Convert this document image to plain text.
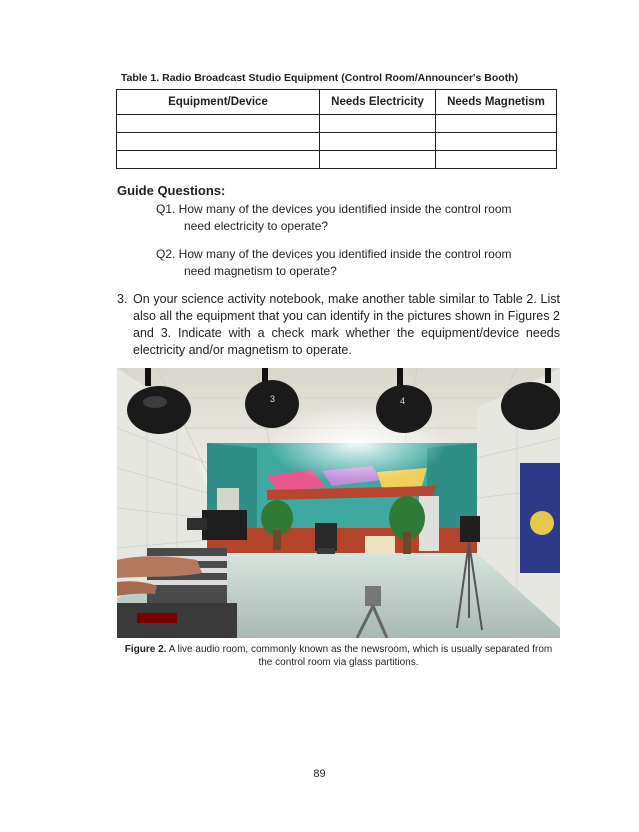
Table 1. Radio Broadcast Studio Equipment (Control Room/Announcer's Booth)
Equipment/Device	Needs Electricity	Needs Magnetism

Guide Questions:
Q1. How many of the devices you identified inside the control room
need electricity to operate?
Q2. How many of the devices you identified inside the control room
need magnetism to operate?
3. On your science activity notebook, make another table similar to Table 2. List also all the equipment that you can identify in the pictures shown in Figures 2 and 3. Indicate with a check mark whether the equipment/device needs electricity and/or magnetism to operate.
3	4
Figure 2. A live audio room, commonly known as the newsroom, which is usually separated from the control room via glass partitions.
89
